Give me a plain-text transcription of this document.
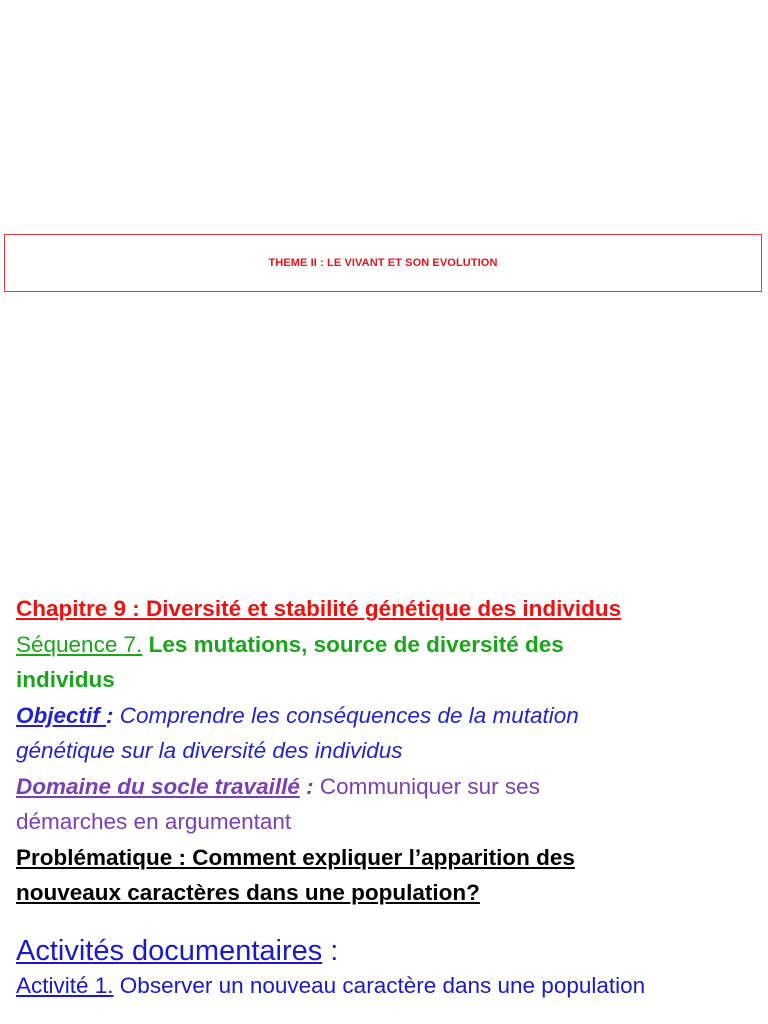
THEME II : LE VIVANT ET SON EVOLUTION
Chapitre 9 : Diversité et stabilité génétique des individus
Séquence 7. Les mutations, source de diversité des
individus
Objectif : Comprendre les conséquences de la mutation
génétique sur la diversité des individus
Domaine du socle travaillé : Communiquer sur ses
démarches en argumentant
Problématique : Comment expliquer l’apparition des
nouveaux caractères dans une population?
Activités documentaires :
Activité 1. Observer un nouveau caractère dans une population
